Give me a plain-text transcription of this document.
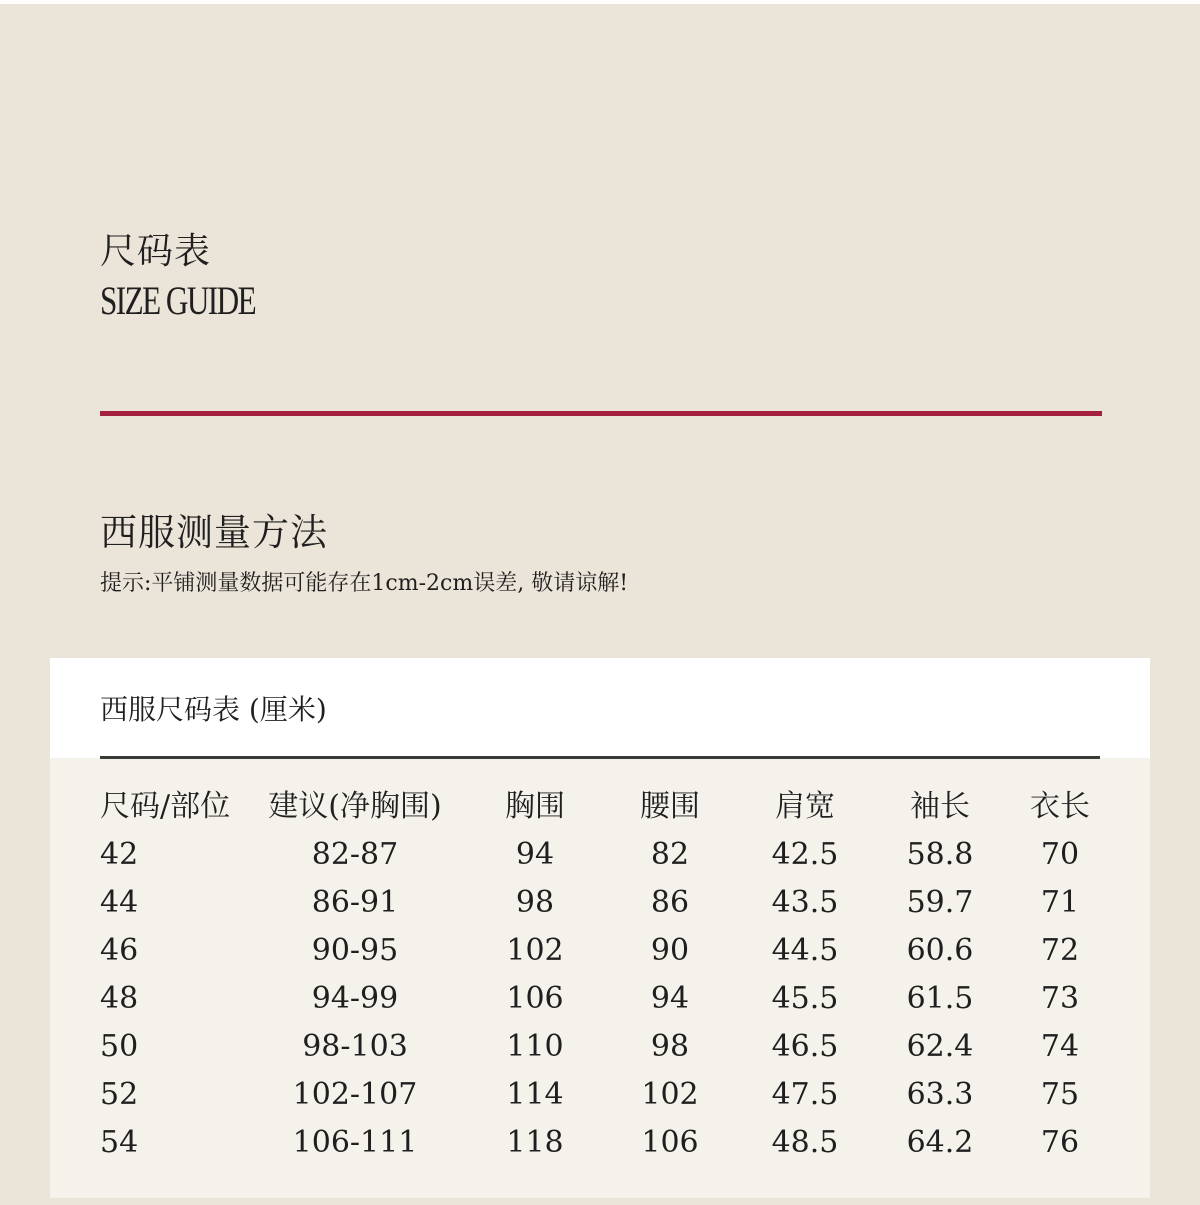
尺码表
SIZE GUIDE
西服测量方法
提示:平铺测量数据可能存在1cm-2cm误差, 敬请谅解!
西服尺码表 (厘米)
尺码/部位	建议(净胸围)	胸围	腰围	肩宽	袖长	衣长
42	82-87	94	82	42.5	58.8	70
44	86-91	98	86	43.5	59.7	71
46	90-95	102	90	44.5	60.6	72
48	94-99	106	94	45.5	61.5	73
50	98-103	110	98	46.5	62.4	74
52	102-107	114	102	47.5	63.3	75
54	106-111	118	106	48.5	64.2	76
